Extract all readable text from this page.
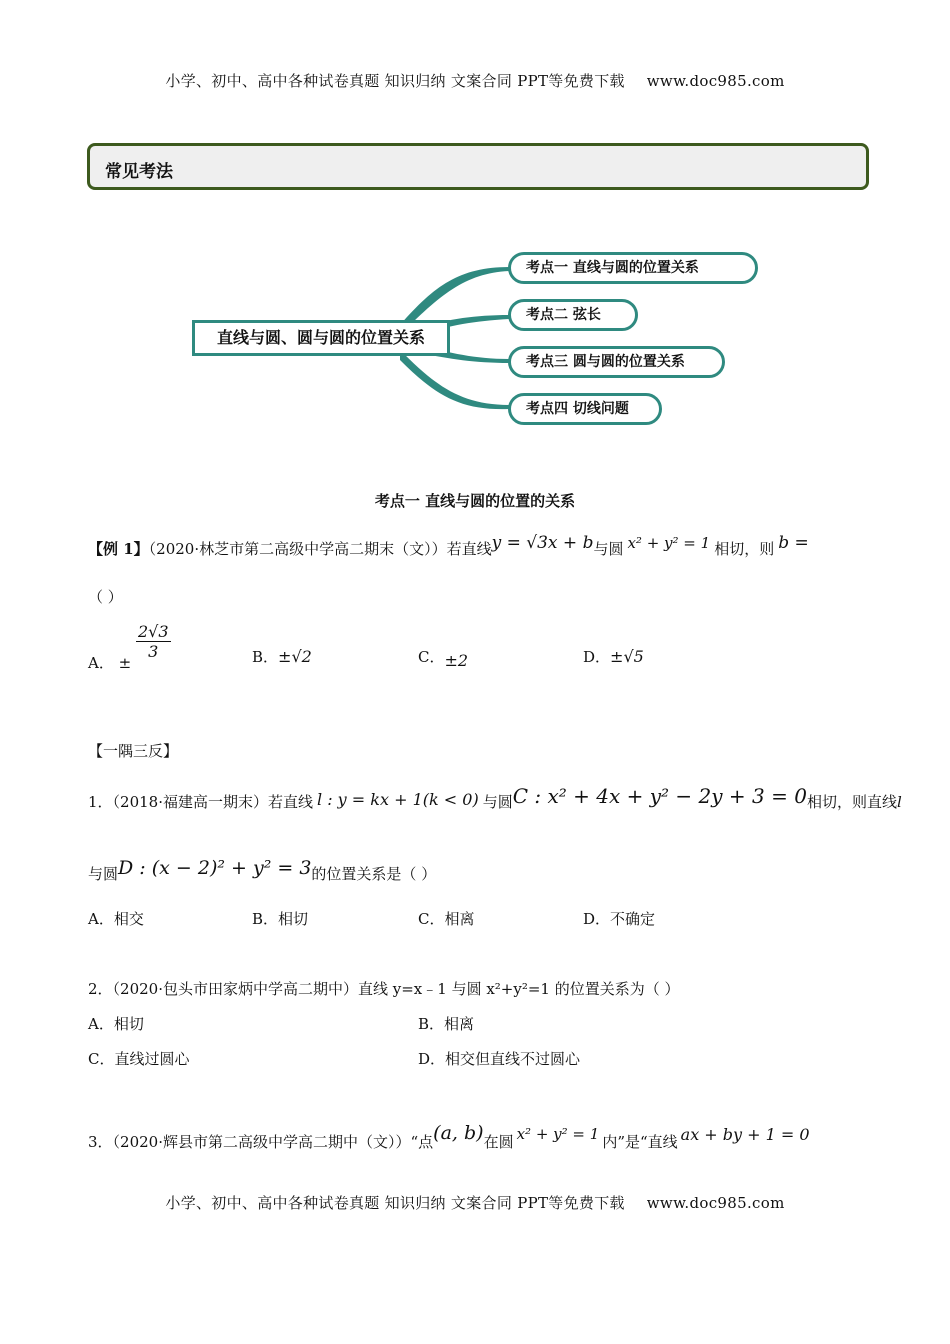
小学、初中、高中各种试卷真题 知识归纳 文案合同 PPT等免费下载 www.doc985.com
常见考法
直线与圆、圆与圆的位置关系
考点一 直线与圆的位置关系
考点二 弦长
考点三 圆与圆的位置关系
考点四 切线问题
考点一 直线与圆的位置的关系
【例 1】（2020·林芝市第二高级中学高二期末（文））若直线y = √3x + b与圆 x² + y² = 1 相切，则 b =
（ ）
A． ±
$\frac{2√3}{3}$	B．±√2	C．±2	D．±√5
【一隅三反】
1．（2018·福建高一期末）若直线 l : y = kx + 1(k < 0) 与圆C : x² + 4x + y² − 2y + 3 = 0相切，则直线l
与圆D : (x − 2)² + y² = 3的位置关系是（ ）
A．相交	B．相切	C．相离	D．不确定
2．（2020·包头市田家炳中学高二期中）直线 y=x﹣1 与圆 x²+y²=1 的位置关系为（ ）
A．相切	B．相离
C．直线过圆心	D．相交但直线不过圆心
3．（2020·辉县市第二高级中学高二期中（文））“点(a, b)在圆 x² + y² = 1 内”是“直线 ax + by + 1 = 0
小学、初中、高中各种试卷真题 知识归纳 文案合同 PPT等免费下载 www.doc985.com
